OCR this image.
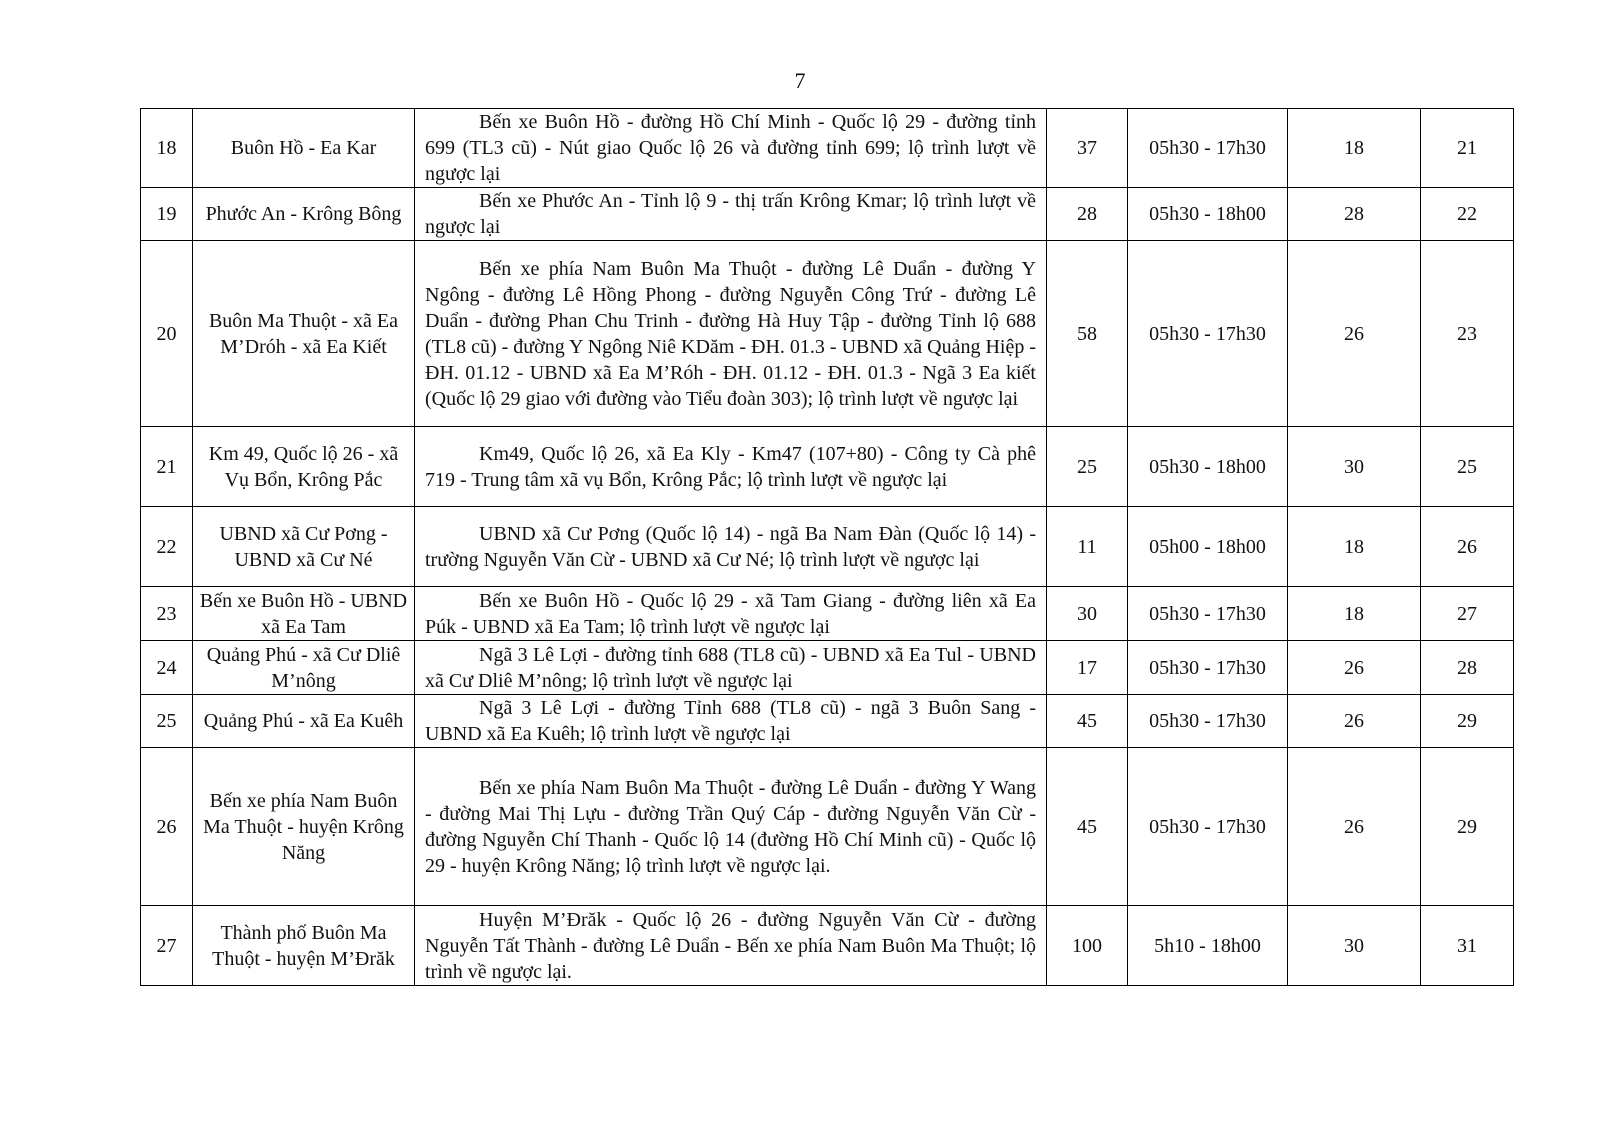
7
18	Buôn Hồ - Ea Kar	Bến xe Buôn Hồ - đường Hồ Chí Minh - Quốc lộ 29 - đường tỉnh 699 (TL3 cũ) - Nút giao Quốc lộ 26 và đường tỉnh 699; lộ trình lượt về ngược lại	37	05h30 - 17h30	18	21
19	Phước An - Krông Bông	Bến xe Phước An - Tỉnh lộ 9 - thị trấn Krông Kmar; lộ trình lượt về ngược lại	28	05h30 - 18h00	28	22
20	Buôn Ma Thuột - xã Ea M’Dróh - xã Ea Kiết	Bến xe phía Nam Buôn Ma Thuột - đường Lê Duẩn - đường Y Ngông - đường Lê Hồng Phong - đường Nguyễn Công Trứ - đường Lê Duẩn - đường Phan Chu Trinh - đường Hà Huy Tập - đường Tỉnh lộ 688 (TL8 cũ) - đường Y Ngông Niê KDăm - ĐH. 01.3 - UBND xã Quảng Hiệp - ĐH. 01.12 - UBND xã Ea M’Róh - ĐH. 01.12 - ĐH. 01.3 - Ngã 3 Ea kiết (Quốc lộ 29 giao với đường vào Tiểu đoàn 303); lộ trình lượt về ngược lại	58	05h30 - 17h30	26	23
21	Km 49, Quốc lộ 26 - xã Vụ Bổn, Krông Pắc	Km49, Quốc lộ 26, xã Ea Kly - Km47 (107+80) - Công ty Cà phê 719 - Trung tâm xã vụ Bổn, Krông Pắc; lộ trình lượt về ngược lại	25	05h30 - 18h00	30	25
22	UBND xã Cư Pơng - UBND xã Cư Né	UBND xã Cư Pơng (Quốc lộ 14) - ngã Ba Nam Đàn (Quốc lộ 14) - trường Nguyễn Văn Cừ - UBND xã Cư Né; lộ trình lượt về ngược lại	11	05h00 - 18h00	18	26
23	Bến xe Buôn Hồ - UBND xã Ea Tam	Bến xe Buôn Hồ - Quốc lộ 29 - xã Tam Giang - đường liên xã Ea Púk - UBND xã Ea Tam; lộ trình lượt về ngược lại	30	05h30 - 17h30	18	27
24	Quảng Phú - xã Cư Dliê M’nông	Ngã 3 Lê Lợi - đường tỉnh 688 (TL8 cũ) - UBND xã Ea Tul - UBND xã Cư Dliê M’nông; lộ trình lượt về ngược lại	17	05h30 - 17h30	26	28
25	Quảng Phú - xã Ea Kuêh	Ngã 3 Lê Lợi - đường Tỉnh 688 (TL8 cũ) - ngã 3 Buôn Sang - UBND xã Ea Kuêh; lộ trình lượt về ngược lại	45	05h30 - 17h30	26	29
26	Bến xe phía Nam Buôn Ma Thuột - huyện Krông Năng	Bến xe phía Nam Buôn Ma Thuột - đường Lê Duẩn - đường Y Wang - đường Mai Thị Lựu - đường Trần Quý Cáp - đường Nguyễn Văn Cừ - đường Nguyễn Chí Thanh - Quốc lộ 14 (đường Hồ Chí Minh cũ) - Quốc lộ 29 - huyện Krông Năng; lộ trình lượt về ngược lại.	45	05h30 - 17h30	26	29
27	Thành phố Buôn Ma Thuột - huyện M’Đrăk	Huyện M’Đrăk - Quốc lộ 26 - đường Nguyễn Văn Cừ - đường Nguyễn Tất Thành - đường Lê Duẩn - Bến xe phía Nam Buôn Ma Thuột; lộ trình về ngược lại.	100	5h10 - 18h00	30	31
